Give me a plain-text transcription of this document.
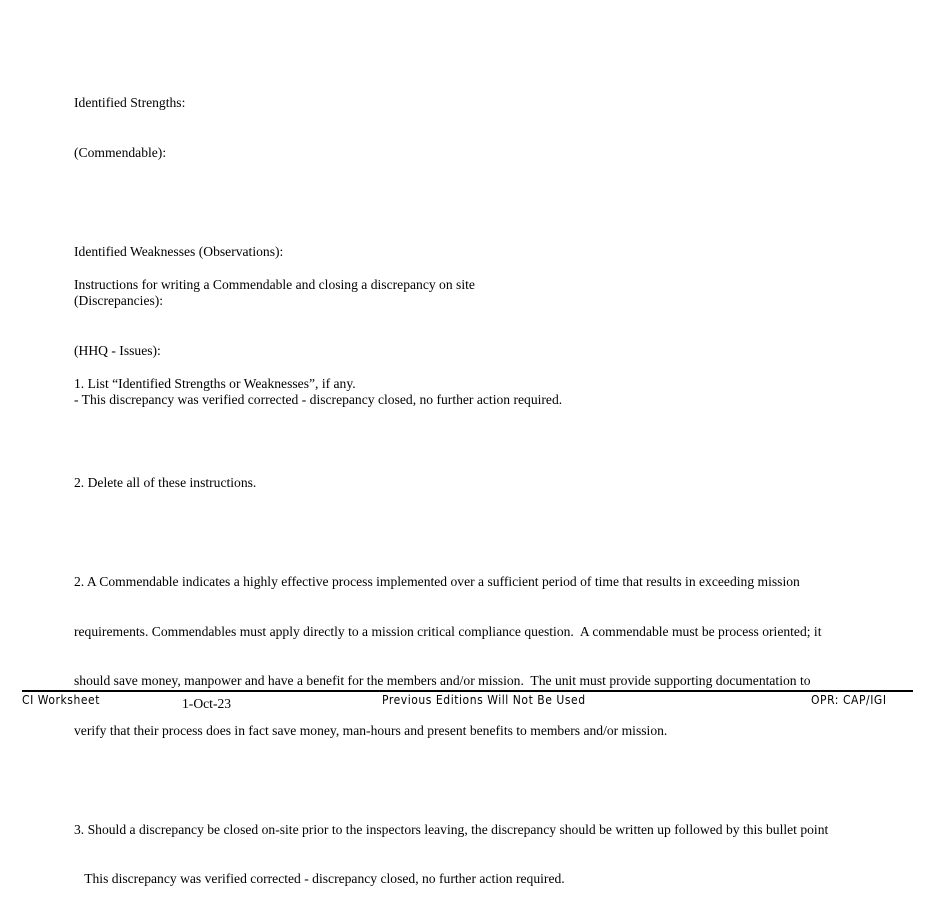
Identified Strengths:

(Commendable):

Identified Weaknesses (Observations):

(Discrepancies):

(HHQ - Issues):

- This discrepancy was verified corrected - discrepancy closed, no further action required.

Instructions for writing a Commendable and closing a discrepancy on site

1. List “Identified Strengths or Weaknesses”, if any.

2. Delete all of these instructions.

2. A Commendable indicates a highly effective process implemented over a sufficient period of time that results in exceeding mission

requirements. Commendables must apply directly to a mission critical compliance question.  A commendable must be process oriented; it

should save money, manpower and have a benefit for the members and/or mission.  The unit must provide supporting documentation to

verify that their process does in fact save money, man-hours and present benefits to members and/or mission.

3. Should a discrepancy be closed on-site prior to the inspectors leaving, the discrepancy should be written up followed by this bullet point

This discrepancy was verified corrected - discrepancy closed, no further action required.

CI Worksheet	1-Oct-23	Previous Editions Will Not Be Used	OPR: CAP/IGI
